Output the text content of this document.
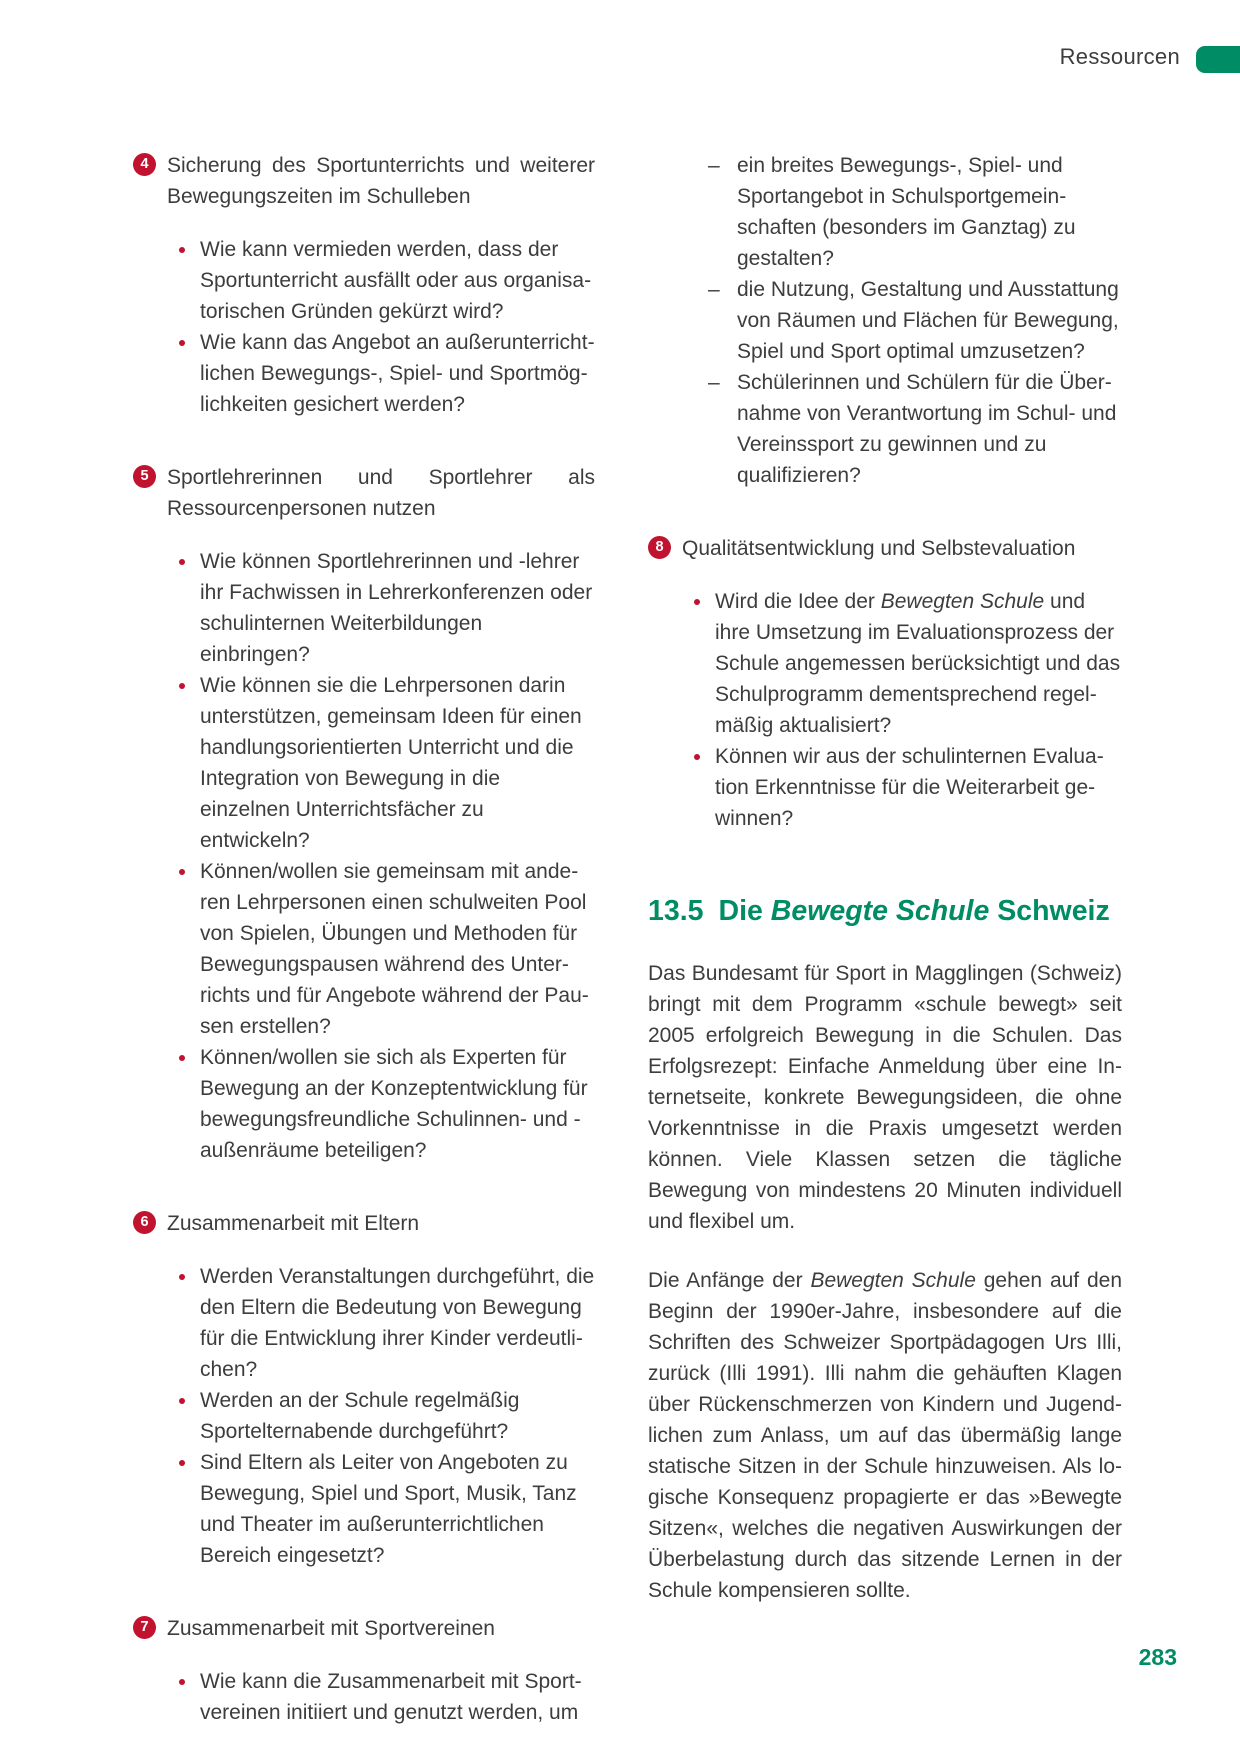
Ressourcen
4 Sicherung des Sportunterrichts und weiterer Bewegungszeiten im Schulleben
Wie kann vermieden werden, dass der Sportunterricht ausfällt oder aus organisatorischen Gründen gekürzt wird?
Wie kann das Angebot an außerunterrichtlichen Bewegungs-, Spiel- und Sportmöglichkeiten gesichert werden?
5 Sportlehrerinnen und Sportlehrer als Ressourcenpersonen nutzen
Wie können Sportlehrerinnen und -lehrer ihr Fachwissen in Lehrerkonferenzen oder schulinternen Weiterbildungen einbringen?
Wie können sie die Lehrpersonen darin unterstützen, gemeinsam Ideen für einen handlungsorientierten Unterricht und die Integration von Bewegung in die einzelnen Unterrichtsfächer zu entwickeln?
Können/wollen sie gemeinsam mit anderen Lehrpersonen einen schulweiten Pool von Spielen, Übungen und Methoden für Bewegungspausen während des Unterrichts und für Angebote während der Pausen erstellen?
Können/wollen sie sich als Experten für Bewegung an der Konzeptentwicklung für bewegungsfreundliche Schulinnen- und -außenräume beteiligen?
6 Zusammenarbeit mit Eltern
Werden Veranstaltungen durchgeführt, die den Eltern die Bedeutung von Bewegung für die Entwicklung ihrer Kinder verdeutlichen?
Werden an der Schule regelmäßig Sportelternabende durchgeführt?
Sind Eltern als Leiter von Angeboten zu Bewegung, Spiel und Sport, Musik, Tanz und Theater im außerunterrichtlichen Bereich eingesetzt?
7 Zusammenarbeit mit Sportvereinen
Wie kann die Zusammenarbeit mit Sportvereinen initiiert und genutzt werden, um
– ein breites Bewegungs-, Spiel- und Sportangebot in Schulsportgemeinschaften (besonders im Ganztag) zu gestalten?
– die Nutzung, Gestaltung und Ausstattung von Räumen und Flächen für Bewegung, Spiel und Sport optimal umzusetzen?
– Schülerinnen und Schülern für die Übernahme von Verantwortung im Schul- und Vereinssport zu gewinnen und zu qualifizieren?
8 Qualitätsentwicklung und Selbstevaluation
Wird die Idee der Bewegten Schule und ihre Umsetzung im Evaluationsprozess der Schule angemessen berücksichtigt und das Schulprogramm dementsprechend regelmäßig aktualisiert?
Können wir aus der schulinternen Evaluation Erkenntnisse für die Weiterarbeit gewinnen?
13.5 Die Bewegte Schule Schweiz

Das Bundesamt für Sport in Magglingen (Schweiz) bringt mit dem Programm «schule bewegt» seit 2005 erfolgreich Bewegung in die Schulen. Das Erfolgsrezept: Einfache Anmeldung über eine Internetseite, konkrete Bewegungsideen, die ohne Vorkenntnisse in die Praxis umgesetzt werden können. Viele Klassen setzen die tägliche Bewegung von mindestens 20 Minuten individuell und flexibel um.

Die Anfänge der Bewegten Schule gehen auf den Beginn der 1990er-Jahre, insbesondere auf die Schriften des Schweizer Sportpädagogen Urs Illi, zurück (Illi 1991). Illi nahm die gehäuften Klagen über Rückenschmerzen von Kindern und Jugendlichen zum Anlass, um auf das übermäßig lange statische Sitzen in der Schule hinzuweisen. Als logische Konsequenz propagierte er das »Bewegte Sitzen«, welches die negativen Auswirkungen der Überbelastung durch das sitzende Lernen in der Schule kompensieren sollte.

283
